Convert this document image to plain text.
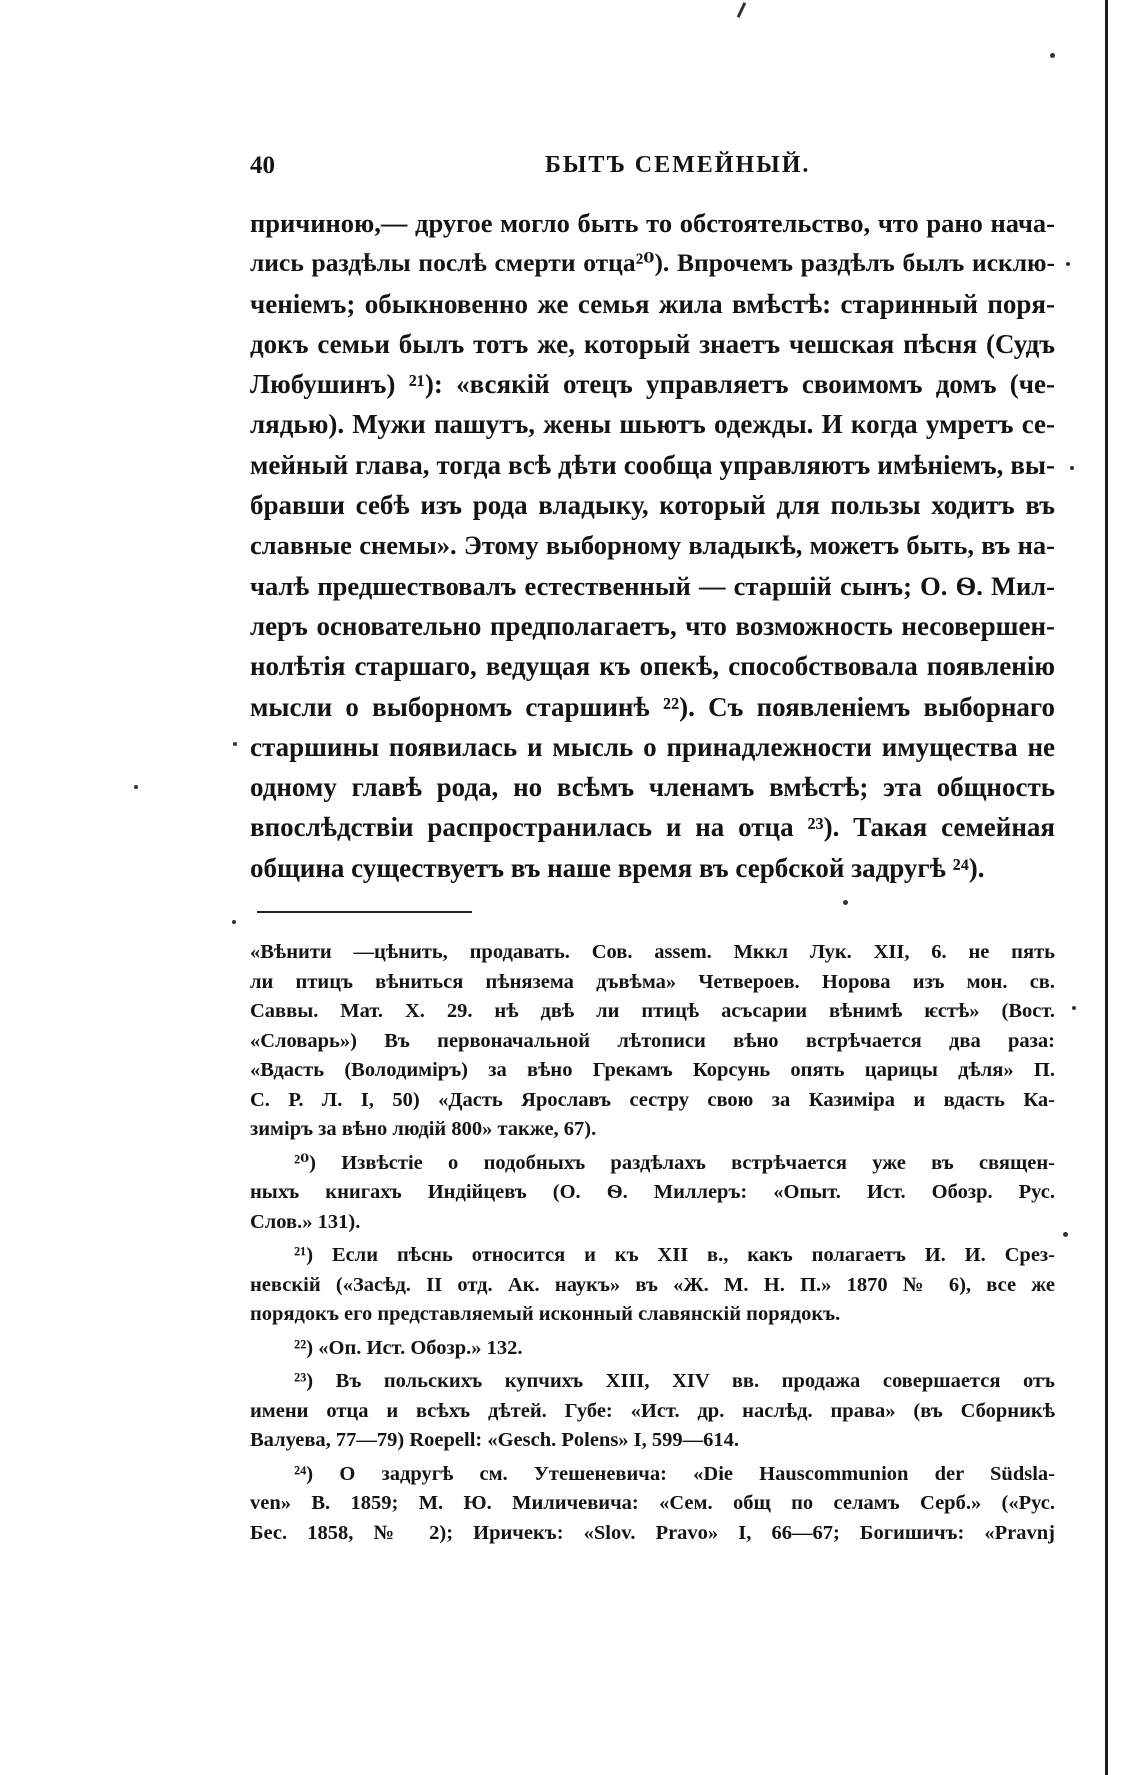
40	БЫТЪ СЕМЕЙНЫЙ.
причиною,— другое могло быть то обстоятельство, что рано нача-
лись раздѣлы послѣ смерти отца²⁰). Впрочемъ раздѣлъ былъ исклю-
ченіемъ; обыкновенно же семья жила вмѣстѣ: старинный поря-
докъ семьи былъ тотъ же, который знаетъ чешская пѣсня (Судъ
Любушинъ) ²¹): «всякій отецъ управляетъ своимомъ домъ (че-
лядью). Мужи пашутъ, жены шьютъ одежды. И когда умретъ се-
мейный глава, тогда всѣ дѣти сообща управляютъ имѣніемъ, вы-
бравши себѣ изъ рода владыку, который для пользы ходитъ въ
славные снемы». Этому выборному владыкѣ, можетъ быть, въ на-
чалѣ предшествовалъ естественный — старшій сынъ; О. Ѳ. Мил-
леръ основательно предполагаетъ, что возможность несовершен-
нолѣтія старшаго, ведущая къ опекѣ, способствовала появленію
мысли о выборномъ старшинѣ ²²). Съ появленіемъ выборнаго
старшины появилась и мысль о принадлежности имущества не
одному главѣ рода, но всѣмъ членамъ вмѣстѣ; эта общность
впослѣдствіи распространилась и на отца ²³). Такая семейная
община существуетъ въ наше время въ сербской задругѣ ²⁴).
«Вѣнити —цѣнить, продавать. Сов. assem. Мккл Лук. XII, 6. не пять
ли птицъ вѣниться пѣнязема дъвѣма» Четвероев. Норова изъ мон. св.
Саввы. Мат. X. 29. нѣ двѣ ли птицѣ асъсарии вѣнимѣ ѥстѣ» (Вост.
«Словарь») Въ первоначальной лѣтописи вѣно встрѣчается два раза:
«Вдасть (Володиміръ) за вѣно Грекамъ Корсунь опять царицы дѣля» П.
С. Р. Л. I, 50) «Дасть Ярославъ сестру свою за Казиміра и вдасть Ка-
зиміръ за вѣно людій 800» также, 67).
²⁰) Извѣстіе о подобныхъ раздѣлахъ встрѣчается уже въ священ-
ныхъ книгахъ Индійцевъ (О. Ѳ. Миллеръ: «Опыт. Ист. Обозр. Рус.
Слов.» 131).
²¹) Если пѣснь относится и къ XII в., какъ полагаетъ И. И. Срез-
невскій («Засѣд. II отд. Ак. наукъ» въ «Ж. М. Н. П.» 1870 № 6), все же
порядокъ его представляемый исконный славянскій порядокъ.
²²) «Оп. Ист. Обозр.» 132.
²³) Въ польскихъ купчихъ XIII, XIV вв. продажа совершается отъ
имени отца и всѣхъ дѣтей. Губе: «Ист. др. наслѣд. права» (въ Сборникѣ
Валуева, 77—79) Roepell: «Gesch. Polens» I, 599—614.
²⁴) О задругѣ см. Утешеневича: «Die Hauscommunion der Südsla-
ven» В. 1859; М. Ю. Миличевича: «Сем. общ по селамъ Серб.» («Рус.
Бес. 1858, № 2); Иричекъ: «Slov. Pravo» I, 66—67; Богишичъ: «Pravnj
